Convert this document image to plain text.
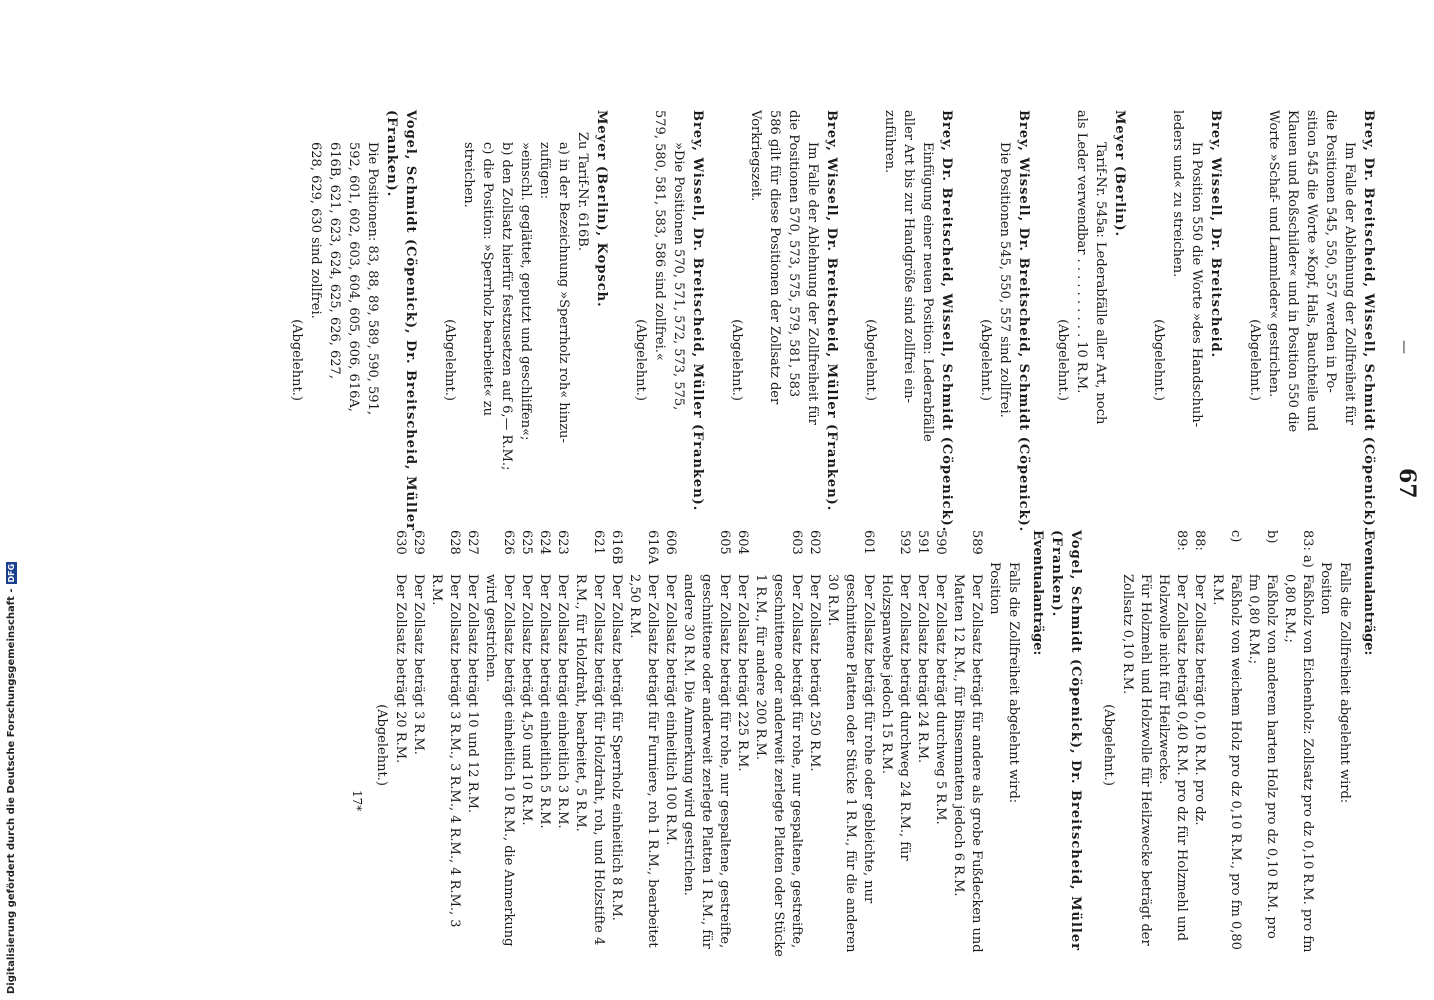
—
67
Brey, Dr. Breitscheid, Wissell, Schmidt (Cöpenick).
Im Falle der Ablehnung der Zollfreiheit für
die Positionen 545, 550, 557 werden in Po-
sition 545 die Worte »Kopf, Hals, Bauchteile und
Klauen und Roßschilder« und in Position 550 die
Worte »Schaf- und Lammleder« gestrichen.
(Abgelehnt.)
Brey, Wissell, Dr. Breitscheid.
In Position 550 die Worte »des Handschuh-
leders und« zu streichen.
(Abgelehnt.)
Meyer (Berlin).
Tarif-Nr. 545a: Lederabfälle aller Art, noch
als Leder verwendbar . . . . . . . . . . 10 R.M.
(Abgelehnt.)
Brey, Wissell, Dr. Breitscheid, Schmidt (Cöpenick).
Die Positionen 545, 550, 557 sind zollfrei.
(Abgelehnt.)
Brey, Dr. Breitscheid, Wissell, Schmidt (Cöpenick).
Einfügung einer neuen Position: Lederabfälle
aller Art bis zur Handgröße sind zollfrei ein-
zuführen.
(Abgelehnt.)
Brey, Wissell, Dr. Breitscheid, Müller (Franken).
Im Falle der Ablehnung der Zollfreiheit für
die Positionen 570, 573, 575, 579, 581, 583
586 gilt für diese Positionen der Zollsatz der
Vorkriegszeit.
(Abgelehnt.)
Brey, Wissell, Dr. Breitscheid, Müller (Franken).
»Die Positionen 570, 571, 572, 573, 575,
579, 580, 581, 583, 586 sind zollfrei.«
(Abgelehnt.)
Meyer (Berlin), Kopsch.
Zu Tarif-Nr. 616B.
a) in der Bezeichnung »Sperrholz roh« hinzu-
zufügen:
»einschl. geglättet, geputzt und geschliffen«;
b) den Zollsatz hierfür festzusetzen auf 6,— R.M.;
c) die Position: »Sperrholz bearbeitet« zu
streichen.
(Abgelehnt.)
Vogel, Schmidt (Cöpenick), Dr. Breitscheid, Müller (Franken).
Die Positionen: 83, 88, 89, 589, 590, 591,
592, 601, 602, 603, 604, 605, 606, 616A,
616B, 621, 623, 624, 625, 626, 627,
628, 629, 630 sind zollfrei.
(Abgelehnt.)
Eventualanträge:
Falls die Zollfreiheit abgelehnt wird:
Position
83: a)
Faßholz von Eichenholz: Zollsatz pro dz 0,10 R.M. pro fm 0,80 R.M.;
b)
Faßholz von anderem harten Holz pro dz 0,10 R.M. pro fm 0,80 R.M.;
c)
Faßholz von weichem Holz pro dz 0,10 R.M., pro fm 0,80 R.M.
88:
Der Zollsatz beträgt 0,10 R.M. pro dz.
89:
Der Zollsatz beträgt 0,40 R.M. pro dz für Holzmehl und Holzwolle nicht für Heilzwecke.
Für Holzmehl und Holzwolle für Heilzwecke beträgt der Zollsatz 0,10 R.M.
(Abgelehnt.)
Vogel, Schmidt (Cöpenick), Dr. Breitscheid, Müller (Franken).
Eventualanträge:
Falls die Zollfreiheit abgelehnt wird:
Position
589
Der Zollsatz beträgt für andere als grobe Fußdecken und Matten 12 R.M., für Binsenmatten jedoch 6 R.M.
590
Der Zollsatz beträgt durchweg 5 R.M.
591
Der Zollsatz beträgt 24 R.M.
592
Der Zollsatz beträgt durchweg 24 R.M., für Holzspanwebe jedoch 15 R.M.
601
Der Zollsatz beträgt für rohe oder gebleichte, nur geschnittene Platten oder Stücke 1 R.M., für die anderen 30 R.M.
602
Der Zollsatz beträgt 250 R.M.
603
Der Zollsatz beträgt für rohe, nur gespaltene, gestreifte, geschnittene oder anderweit zerlegte Platten oder Stücke 1 R.M., für andere 200 R.M.
604
Der Zollsatz beträgt 225 R.M.
605
Der Zollsatz beträgt für rohe, nur gespaltene, gestreifte, geschnittene oder anderweit zerlegte Platten 1 R.M., für andere 30 R.M. Die Anmerkung wird gestrichen.
606
Der Zollsatz beträgt einheitlich 100 R.M.
616A
Der Zollsatz beträgt für Furniere, roh 1 R.M., bearbeitet 2,50 R.M.
616B
Der Zollsatz beträgt für Sperrholz einheitlich 8 R.M.
621
Der Zollsatz beträgt für Holzdraht, roh, und Holzstifte 4 R.M., für Holzdraht, bearbeitet, 5 R.M.
623
Der Zollsatz beträgt einheitlich 3 R.M.
624
Der Zollsatz beträgt einheitlich 5 R.M.
625
Der Zollsatz beträgt 4,50 und 10 R.M.
626
Der Zollsatz beträgt einheitlich 10 R.M., die Anmerkung wird gestrichen.
627
Der Zollsatz beträgt 10 und 12 R.M.
628
Der Zollsatz beträgt 3 R.M., 3 R.M., 4 R.M., 4 R.M., 3 R.M.
629
Der Zollsatz beträgt 3 R.M.
630
Der Zollsatz beträgt 20 R.M.
(Abgelehnt.)
17*
Digitalisierung gefördert durch die Deutsche Forschungsgemeinschaft -DFG
